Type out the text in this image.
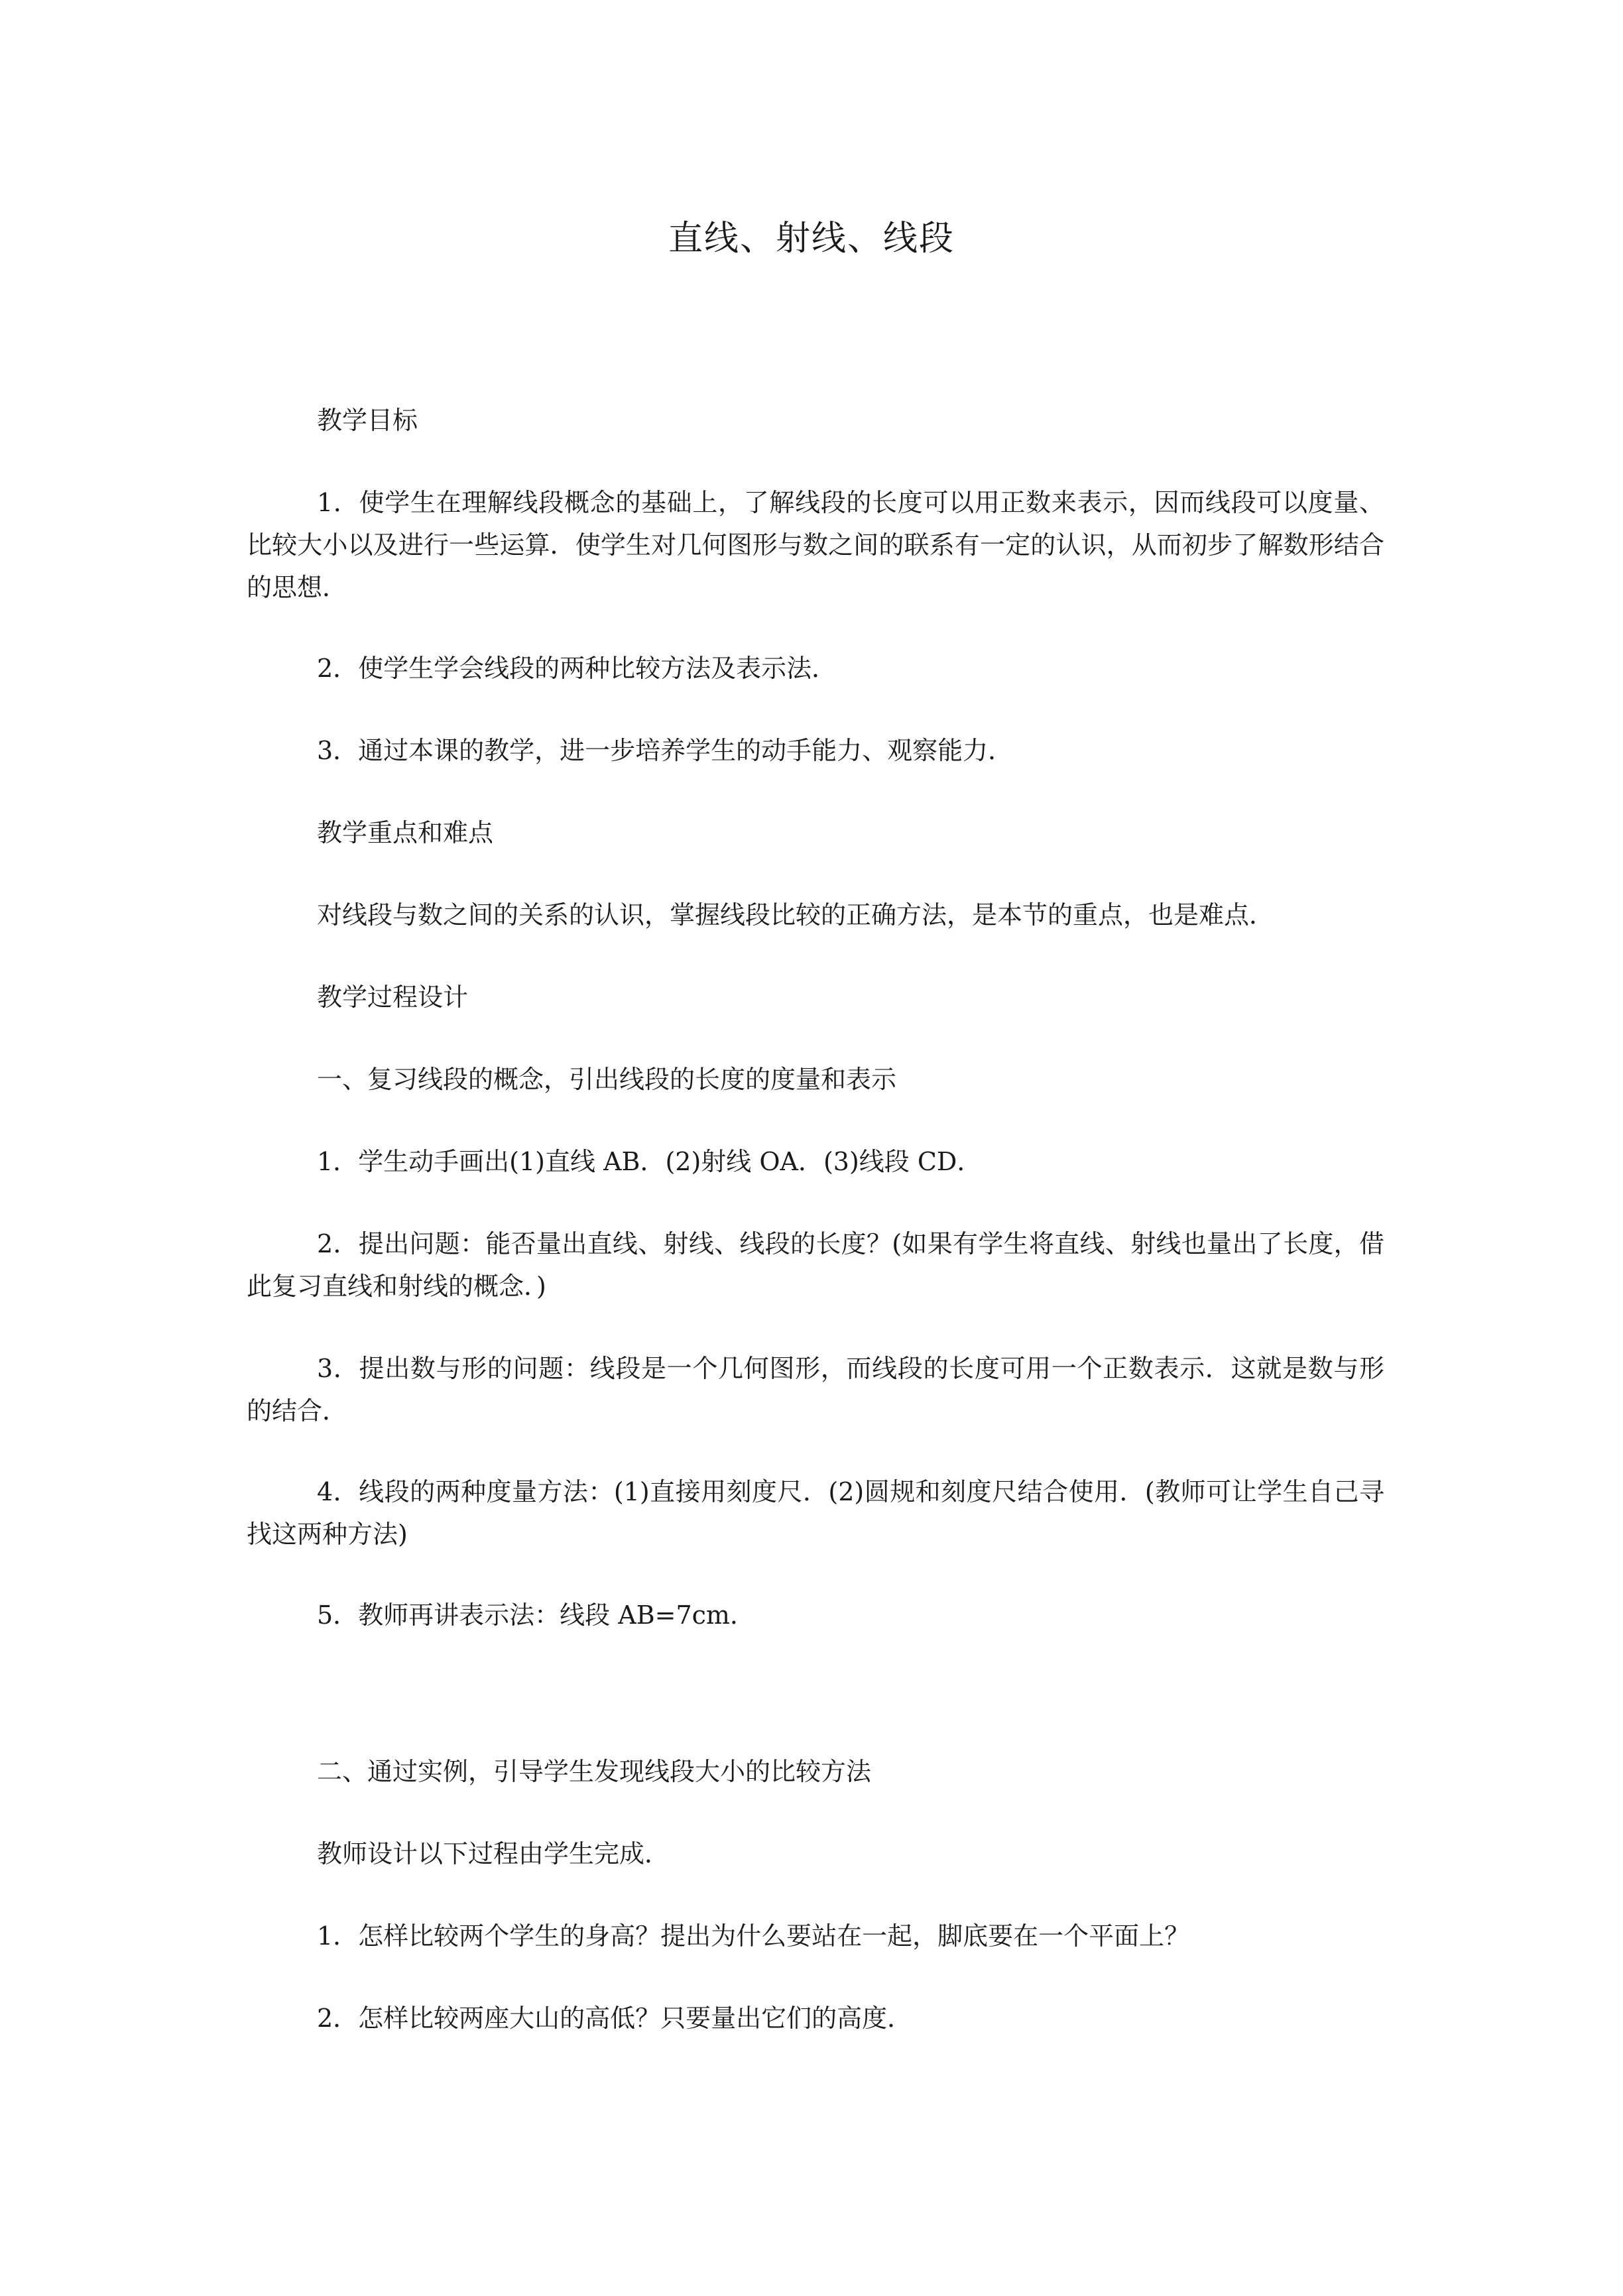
直线、射线、线段

教学目标

1．使学生在理解线段概念的基础上，了解线段的长度可以用正数来表示，因而线段可以度量、比较大小以及进行一些运算．使学生对几何图形与数之间的联系有一定的认识，从而初步了解数形结合的思想．

2．使学生学会线段的两种比较方法及表示法．

3．通过本课的教学，进一步培养学生的动手能力、观察能力．

教学重点和难点

对线段与数之间的关系的认识，掌握线段比较的正确方法，是本节的重点，也是难点．

教学过程设计

一、复习线段的概念，引出线段的长度的度量和表示

1．学生动手画出(1)直线 AB．(2)射线 OA．(3)线段 CD．

2．提出问题：能否量出直线、射线、线段的长度？(如果有学生将直线、射线也量出了长度，借此复习直线和射线的概念．)

3．提出数与形的问题：线段是一个几何图形，而线段的长度可用一个正数表示．这就是数与形的结合．

4．线段的两种度量方法：(1)直接用刻度尺．(2)圆规和刻度尺结合使用．(教师可让学生自己寻找这两种方法)

5．教师再讲表示法：线段 AB=7cm．

二、通过实例，引导学生发现线段大小的比较方法

教师设计以下过程由学生完成．

1．怎样比较两个学生的身高？提出为什么要站在一起，脚底要在一个平面上？

2．怎样比较两座大山的高低？只要量出它们的高度．
